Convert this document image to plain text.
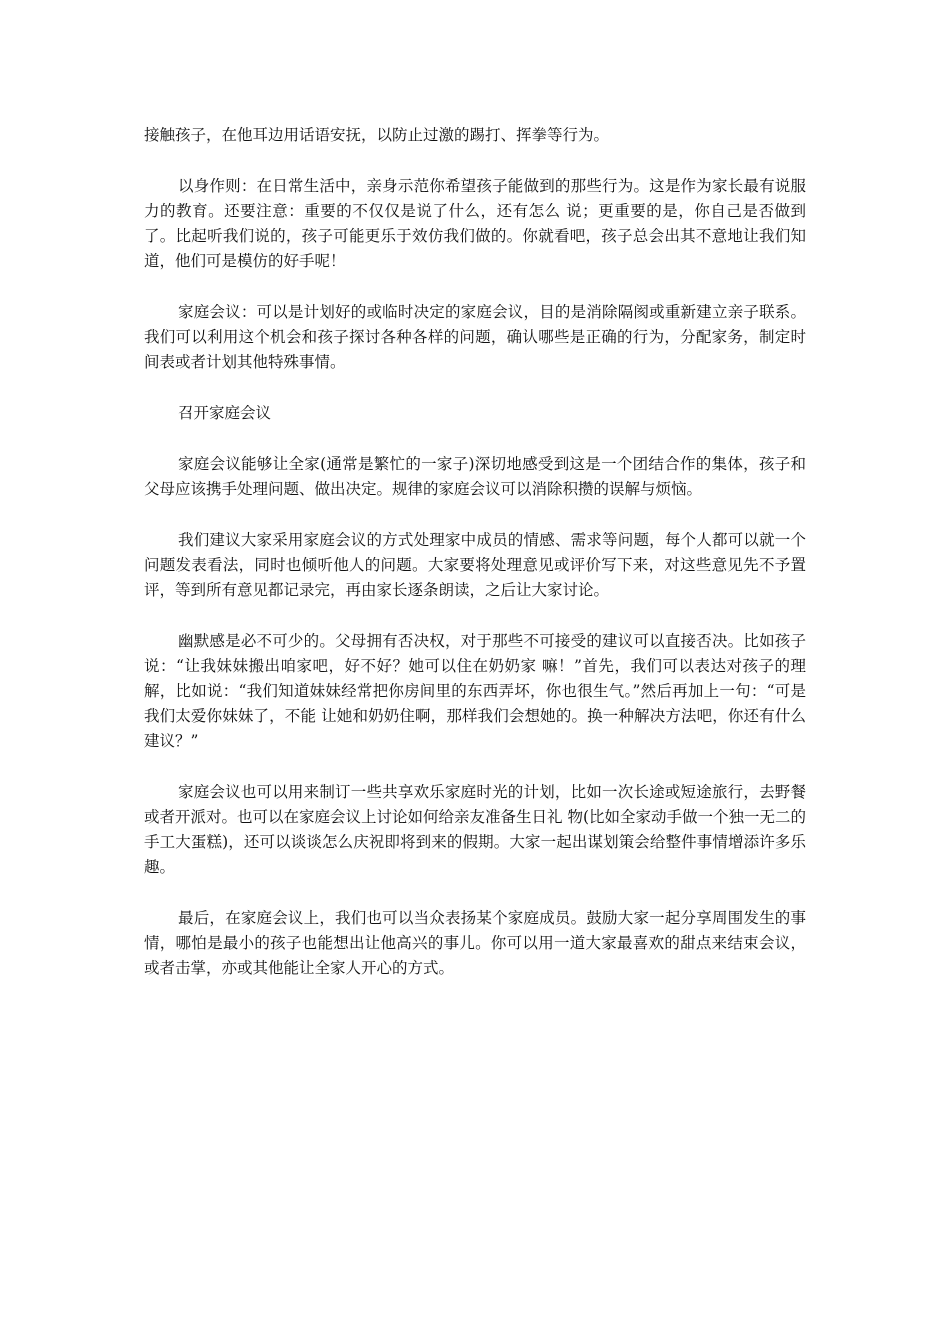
接触孩子，在他耳边用话语安抚，以防止过激的踢打、挥拳等行为。

以身作则：在日常生活中，亲身示范你希望孩子能做到的那些行为。这是作为家长最有说服力的教育。还要注意：重要的不仅仅是说了什么，还有怎么 说；更重要的是，你自己是否做到了。比起听我们说的，孩子可能更乐于效仿我们做的。你就看吧，孩子总会出其不意地让我们知道，他们可是模仿的好手呢！

家庭会议：可以是计划好的或临时决定的家庭会议，目的是消除隔阂或重新建立亲子联系。我们可以利用这个机会和孩子探讨各种各样的问题，确认哪些是正确的行为，分配家务，制定时间表或者计划其他特殊事情。

召开家庭会议

家庭会议能够让全家(通常是繁忙的一家子)深切地感受到这是一个团结合作的集体，孩子和父母应该携手处理问题、做出决定。规律的家庭会议可以消除积攒的误解与烦恼。

我们建议大家采用家庭会议的方式处理家中成员的情感、需求等问题，每个人都可以就一个问题发表看法，同时也倾听他人的问题。大家要将处理意见或评价写下来，对这些意见先不予置评，等到所有意见都记录完，再由家长逐条朗读，之后让大家讨论。

幽默感是必不可少的。父母拥有否决权，对于那些不可接受的建议可以直接否决。比如孩子说：“让我妹妹搬出咱家吧，好不好？她可以住在奶奶家 嘛！”首先，我们可以表达对孩子的理解，比如说：“我们知道妹妹经常把你房间里的东西弄坏，你也很生气。”然后再加上一句：“可是我们太爱你妹妹了，不能 让她和奶奶住啊，那样我们会想她的。换一种解决方法吧，你还有什么建议？”

家庭会议也可以用来制订一些共享欢乐家庭时光的计划，比如一次长途或短途旅行，去野餐或者开派对。也可以在家庭会议上讨论如何给亲友准备生日礼 物(比如全家动手做一个独一无二的手工大蛋糕)，还可以谈谈怎么庆祝即将到来的假期。大家一起出谋划策会给整件事情增添许多乐趣。

最后，在家庭会议上，我们也可以当众表扬某个家庭成员。鼓励大家一起分享周围发生的事情，哪怕是最小的孩子也能想出让他高兴的事儿。你可以用一道大家最喜欢的甜点来结束会议，或者击掌，亦或其他能让全家人开心的方式。
